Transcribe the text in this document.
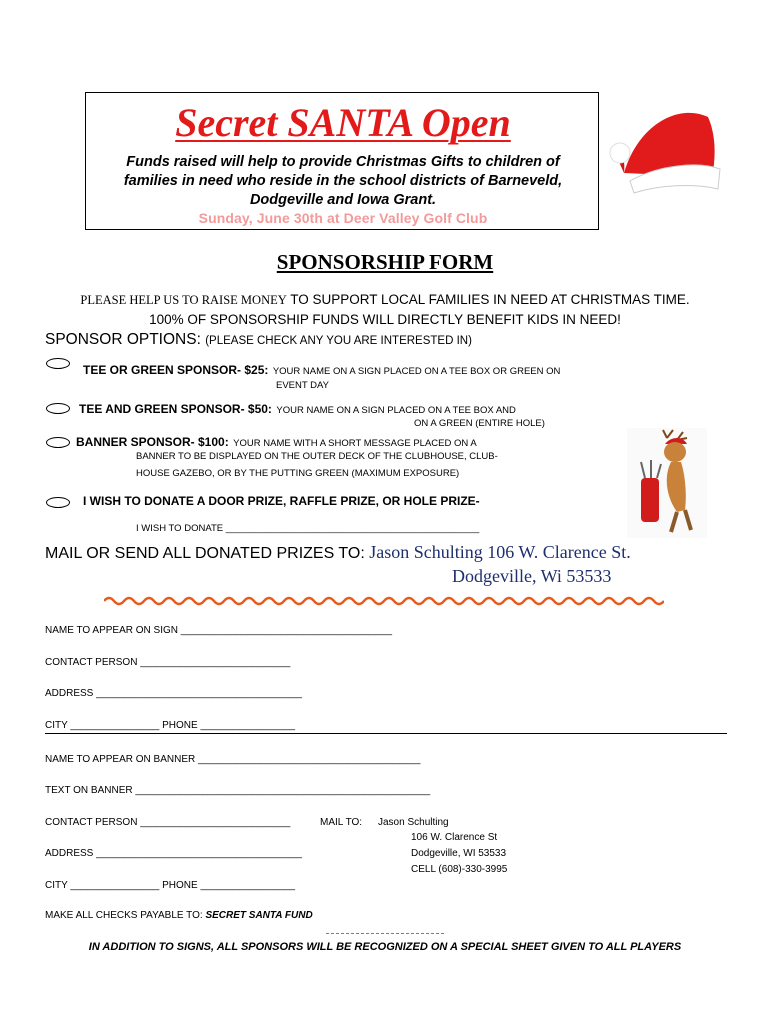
Secret SANTA Open
Funds raised will help to provide Christmas Gifts to children of
families in need who reside in the school districts of Barneveld,
Dodgeville and Iowa Grant.
Sunday, June 30th at Deer Valley Golf Club
SPONSORSHIP FORM
PLEASE HELP US TO RAISE MONEY TO SUPPORT LOCAL FAMILIES IN NEED AT CHRISTMAS TIME.
100% OF SPONSORSHIP FUNDS WILL DIRECTLY BENEFIT KIDS IN NEED!
SPONSOR OPTIONS: (PLEASE CHECK ANY YOU ARE INTERESTED IN)
TEE OR GREEN SPONSOR- $25: YOUR NAME ON A SIGN PLACED ON A TEE BOX OR GREEN ON
EVENT DAY
TEE AND GREEN SPONSOR- $50: YOUR NAME ON A SIGN PLACED ON A TEE BOX AND
ON A GREEN (ENTIRE HOLE)
BANNER SPONSOR- $100: YOUR NAME WITH A SHORT MESSAGE PLACED ON A
BANNER TO BE DISPLAYED ON THE OUTER DECK OF THE CLUBHOUSE, CLUB-
HOUSE GAZEBO, OR BY THE PUTTING GREEN (MAXIMUM EXPOSURE)
I WISH TO DONATE A DOOR PRIZE, RAFFLE PRIZE, OR HOLE PRIZE-
I WISH TO DONATE ________________________________________________
MAIL OR SEND ALL DONATED PRIZES TO: Jason Schulting 106 W. Clarence St.
Dodgeville, Wi 53533
NAME TO APPEAR ON SIGN ______________________________________
CONTACT PERSON ___________________________
ADDRESS _____________________________________
CITY ________________ PHONE _________________
NAME TO APPEAR ON BANNER ________________________________________
TEXT ON BANNER _____________________________________________________
CONTACT PERSON ___________________________
ADDRESS _____________________________________
CITY ________________ PHONE _________________
MAIL TO: Jason Schulting
106 W. Clarence St
Dodgeville, WI 53533
CELL (608)-330-3995
MAKE ALL CHECKS PAYABLE TO: SECRET SANTA FUND
IN ADDITION TO SIGNS, ALL SPONSORS WILL BE RECOGNIZED ON A SPECIAL SHEET GIVEN TO ALL PLAYERS
